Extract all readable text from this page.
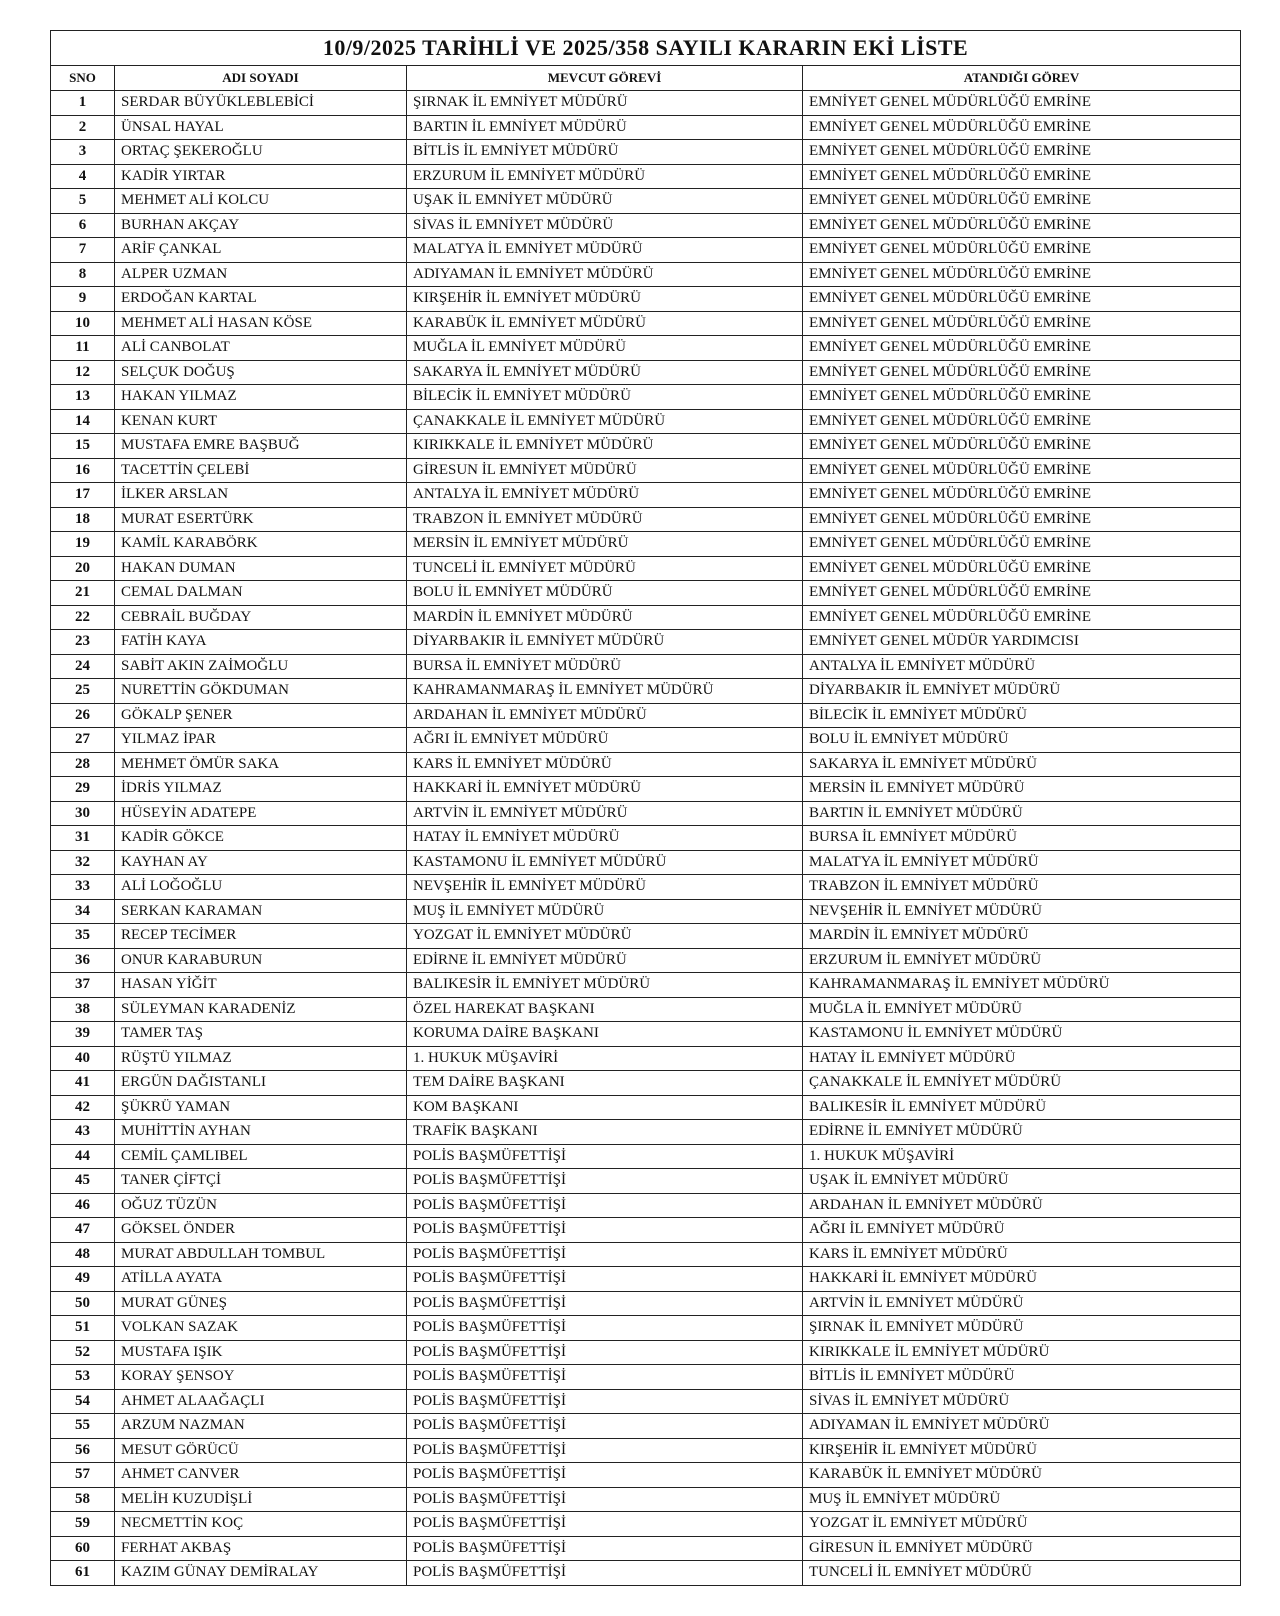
10/9/2025 TARİHLİ VE 2025/358 SAYILI KARARIN EKİ LİSTE			
SNO	ADI SOYADI	MEVCUT GÖREVİ	ATANDIĞI GÖREV
1	SERDAR BÜYÜKLEBLEBİCİ	ŞIRNAK İL EMNİYET MÜDÜRÜ	EMNİYET GENEL MÜDÜRLÜĞÜ EMRİNE
2	ÜNSAL HAYAL	BARTIN İL EMNİYET MÜDÜRÜ	EMNİYET GENEL MÜDÜRLÜĞÜ EMRİNE
3	ORTAÇ ŞEKEROĞLU	BİTLİS İL EMNİYET MÜDÜRÜ	EMNİYET GENEL MÜDÜRLÜĞÜ EMRİNE
4	KADİR YIRTAR	ERZURUM İL EMNİYET MÜDÜRÜ	EMNİYET GENEL MÜDÜRLÜĞÜ EMRİNE
5	MEHMET ALİ KOLCU	UŞAK İL EMNİYET MÜDÜRÜ	EMNİYET GENEL MÜDÜRLÜĞÜ EMRİNE
6	BURHAN AKÇAY	SİVAS İL EMNİYET MÜDÜRÜ	EMNİYET GENEL MÜDÜRLÜĞÜ EMRİNE
7	ARİF ÇANKAL	MALATYA İL EMNİYET MÜDÜRÜ	EMNİYET GENEL MÜDÜRLÜĞÜ EMRİNE
8	ALPER UZMAN	ADIYAMAN İL EMNİYET MÜDÜRÜ	EMNİYET GENEL MÜDÜRLÜĞÜ EMRİNE
9	ERDOĞAN KARTAL	KIRŞEHİR İL EMNİYET MÜDÜRÜ	EMNİYET GENEL MÜDÜRLÜĞÜ EMRİNE
10	MEHMET ALİ HASAN KÖSE	KARABÜK İL EMNİYET MÜDÜRÜ	EMNİYET GENEL MÜDÜRLÜĞÜ EMRİNE
11	ALİ CANBOLAT	MUĞLA İL EMNİYET MÜDÜRÜ	EMNİYET GENEL MÜDÜRLÜĞÜ EMRİNE
12	SELÇUK DOĞUŞ	SAKARYA İL EMNİYET MÜDÜRÜ	EMNİYET GENEL MÜDÜRLÜĞÜ EMRİNE
13	HAKAN YILMAZ	BİLECİK İL EMNİYET MÜDÜRÜ	EMNİYET GENEL MÜDÜRLÜĞÜ EMRİNE
14	KENAN KURT	ÇANAKKALE İL EMNİYET MÜDÜRÜ	EMNİYET GENEL MÜDÜRLÜĞÜ EMRİNE
15	MUSTAFA EMRE BAŞBUĞ	KIRIKKALE İL EMNİYET MÜDÜRÜ	EMNİYET GENEL MÜDÜRLÜĞÜ EMRİNE
16	TACETTİN ÇELEBİ	GİRESUN İL EMNİYET MÜDÜRÜ	EMNİYET GENEL MÜDÜRLÜĞÜ EMRİNE
17	İLKER ARSLAN	ANTALYA İL EMNİYET MÜDÜRÜ	EMNİYET GENEL MÜDÜRLÜĞÜ EMRİNE
18	MURAT ESERTÜRK	TRABZON İL EMNİYET MÜDÜRÜ	EMNİYET GENEL MÜDÜRLÜĞÜ EMRİNE
19	KAMİL KARABÖRK	MERSİN İL EMNİYET MÜDÜRÜ	EMNİYET GENEL MÜDÜRLÜĞÜ EMRİNE
20	HAKAN DUMAN	TUNCELİ İL EMNİYET MÜDÜRÜ	EMNİYET GENEL MÜDÜRLÜĞÜ EMRİNE
21	CEMAL DALMAN	BOLU İL EMNİYET MÜDÜRÜ	EMNİYET GENEL MÜDÜRLÜĞÜ EMRİNE
22	CEBRAİL BUĞDAY	MARDİN İL EMNİYET MÜDÜRÜ	EMNİYET GENEL MÜDÜRLÜĞÜ EMRİNE
23	FATİH KAYA	DİYARBAKIR İL EMNİYET MÜDÜRÜ	EMNİYET GENEL MÜDÜR YARDIMCISI
24	SABİT AKIN ZAİMOĞLU	BURSA İL EMNİYET MÜDÜRÜ	ANTALYA İL EMNİYET MÜDÜRÜ
25	NURETTİN GÖKDUMAN	KAHRAMANMARAŞ İL EMNİYET MÜDÜRÜ	DİYARBAKIR İL EMNİYET MÜDÜRÜ
26	GÖKALP ŞENER	ARDAHAN İL EMNİYET MÜDÜRÜ	BİLECİK İL EMNİYET MÜDÜRÜ
27	YILMAZ İPAR	AĞRI İL EMNİYET MÜDÜRÜ	BOLU İL EMNİYET MÜDÜRÜ
28	MEHMET ÖMÜR SAKA	KARS İL EMNİYET MÜDÜRÜ	SAKARYA İL EMNİYET MÜDÜRÜ
29	İDRİS YILMAZ	HAKKARİ İL EMNİYET MÜDÜRÜ	MERSİN İL EMNİYET MÜDÜRÜ
30	HÜSEYİN ADATEPE	ARTVİN İL EMNİYET MÜDÜRÜ	BARTIN İL EMNİYET MÜDÜRÜ
31	KADİR GÖKCE	HATAY İL EMNİYET MÜDÜRÜ	BURSA İL EMNİYET MÜDÜRÜ
32	KAYHAN AY	KASTAMONU İL EMNİYET MÜDÜRÜ	MALATYA İL EMNİYET MÜDÜRÜ
33	ALİ LOĞOĞLU	NEVŞEHİR İL EMNİYET MÜDÜRÜ	TRABZON İL EMNİYET MÜDÜRÜ
34	SERKAN KARAMAN	MUŞ İL EMNİYET MÜDÜRÜ	NEVŞEHİR İL EMNİYET MÜDÜRÜ
35	RECEP TECİMER	YOZGAT İL EMNİYET MÜDÜRÜ	MARDİN İL EMNİYET MÜDÜRÜ
36	ONUR KARABURUN	EDİRNE İL EMNİYET MÜDÜRÜ	ERZURUM İL EMNİYET MÜDÜRÜ
37	HASAN YİĞİT	BALIKESİR İL EMNİYET MÜDÜRÜ	KAHRAMANMARAŞ İL EMNİYET MÜDÜRÜ
38	SÜLEYMAN KARADENİZ	ÖZEL HAREKAT BAŞKANI	MUĞLA İL EMNİYET MÜDÜRÜ
39	TAMER TAŞ	KORUMA DAİRE BAŞKANI	KASTAMONU İL EMNİYET MÜDÜRÜ
40	RÜŞTÜ YILMAZ	1. HUKUK MÜŞAVİRİ	HATAY İL EMNİYET MÜDÜRÜ
41	ERGÜN DAĞISTANLI	TEM DAİRE BAŞKANI	ÇANAKKALE İL EMNİYET MÜDÜRÜ
42	ŞÜKRÜ YAMAN	KOM BAŞKANI	BALIKESİR İL EMNİYET MÜDÜRÜ
43	MUHİTTİN AYHAN	TRAFİK BAŞKANI	EDİRNE İL EMNİYET MÜDÜRÜ
44	CEMİL ÇAMLIBEL	POLİS BAŞMÜFETTİŞİ	1. HUKUK MÜŞAVİRİ
45	TANER ÇİFTÇİ	POLİS BAŞMÜFETTİŞİ	UŞAK İL EMNİYET MÜDÜRÜ
46	OĞUZ TÜZÜN	POLİS BAŞMÜFETTİŞİ	ARDAHAN İL EMNİYET MÜDÜRÜ
47	GÖKSEL ÖNDER	POLİS BAŞMÜFETTİŞİ	AĞRI İL EMNİYET MÜDÜRÜ
48	MURAT ABDULLAH TOMBUL	POLİS BAŞMÜFETTİŞİ	KARS İL EMNİYET MÜDÜRÜ
49	ATİLLA AYATA	POLİS BAŞMÜFETTİŞİ	HAKKARİ İL EMNİYET MÜDÜRÜ
50	MURAT GÜNEŞ	POLİS BAŞMÜFETTİŞİ	ARTVİN İL EMNİYET MÜDÜRÜ
51	VOLKAN SAZAK	POLİS BAŞMÜFETTİŞİ	ŞIRNAK İL EMNİYET MÜDÜRÜ
52	MUSTAFA IŞIK	POLİS BAŞMÜFETTİŞİ	KIRIKKALE İL EMNİYET MÜDÜRÜ
53	KORAY ŞENSOY	POLİS BAŞMÜFETTİŞİ	BİTLİS İL EMNİYET MÜDÜRÜ
54	AHMET ALAAĞAÇLI	POLİS BAŞMÜFETTİŞİ	SİVAS İL EMNİYET MÜDÜRÜ
55	ARZUM NAZMAN	POLİS BAŞMÜFETTİŞİ	ADIYAMAN İL EMNİYET MÜDÜRÜ
56	MESUT GÖRÜCÜ	POLİS BAŞMÜFETTİŞİ	KIRŞEHİR İL EMNİYET MÜDÜRÜ
57	AHMET CANVER	POLİS BAŞMÜFETTİŞİ	KARABÜK İL EMNİYET MÜDÜRÜ
58	MELİH KUZUDİŞLİ	POLİS BAŞMÜFETTİŞİ	MUŞ İL EMNİYET MÜDÜRÜ
59	NECMETTİN KOÇ	POLİS BAŞMÜFETTİŞİ	YOZGAT İL EMNİYET MÜDÜRÜ
60	FERHAT AKBAŞ	POLİS BAŞMÜFETTİŞİ	GİRESUN İL EMNİYET MÜDÜRÜ
61	KAZIM GÜNAY DEMİRALAY	POLİS BAŞMÜFETTİŞİ	TUNCELİ İL EMNİYET MÜDÜRÜ
